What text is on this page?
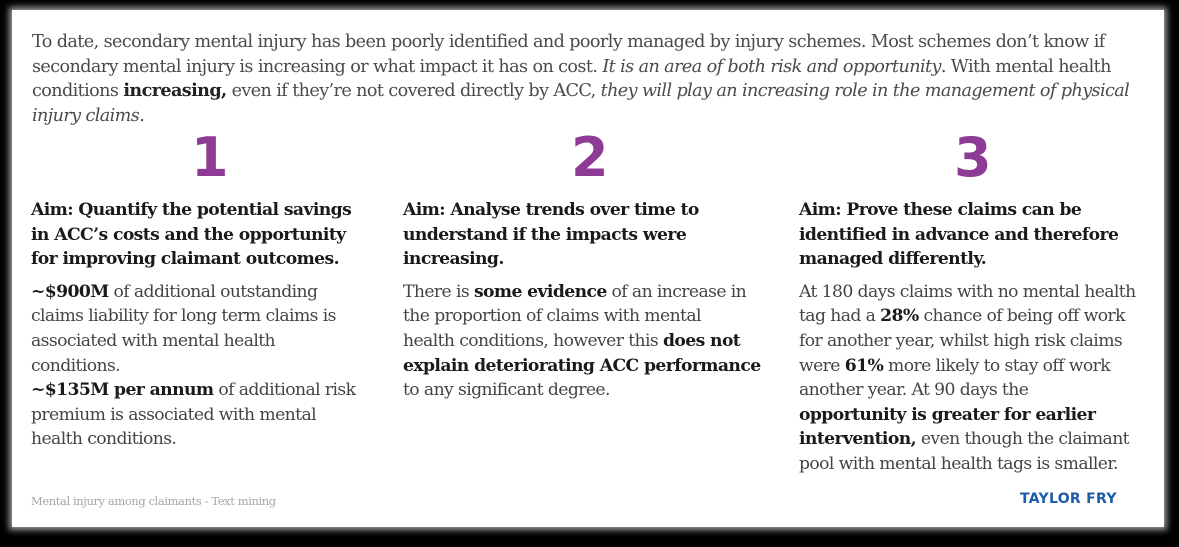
To date, secondary mental injury has been poorly identified and poorly managed by injury schemes. Most schemes don’t know if
secondary mental injury is increasing or what impact it has on cost. It is an area of both risk and opportunity. With mental health
conditions increasing, even if they’re not covered directly by ACC, they will play an increasing role in the management of physical
injury claims.
1
Aim: Quantify the potential savings
in ACC’s costs and the opportunity
for improving claimant outcomes.
~$900M of additional outstanding
claims liability for long term claims is
associated with mental health
conditions.
~$135M per annum of additional risk
premium is associated with mental
health conditions.
2
Aim: Analyse trends over time to
understand if the impacts were
increasing.
There is some evidence of an increase in
the proportion of claims with mental
health conditions, however this does not
explain deteriorating ACC performance
to any significant degree.
3
Aim: Prove these claims can be
identified in advance and therefore
managed differently.
At 180 days claims with no mental health
tag had a 28% chance of being off work
for another year, whilst high risk claims
were 61% more likely to stay off work
another year. At 90 days the
opportunity is greater for earlier
intervention, even though the claimant
pool with mental health tags is smaller.
Mental injury among claimants - Text mining	TAYLOR FRY
